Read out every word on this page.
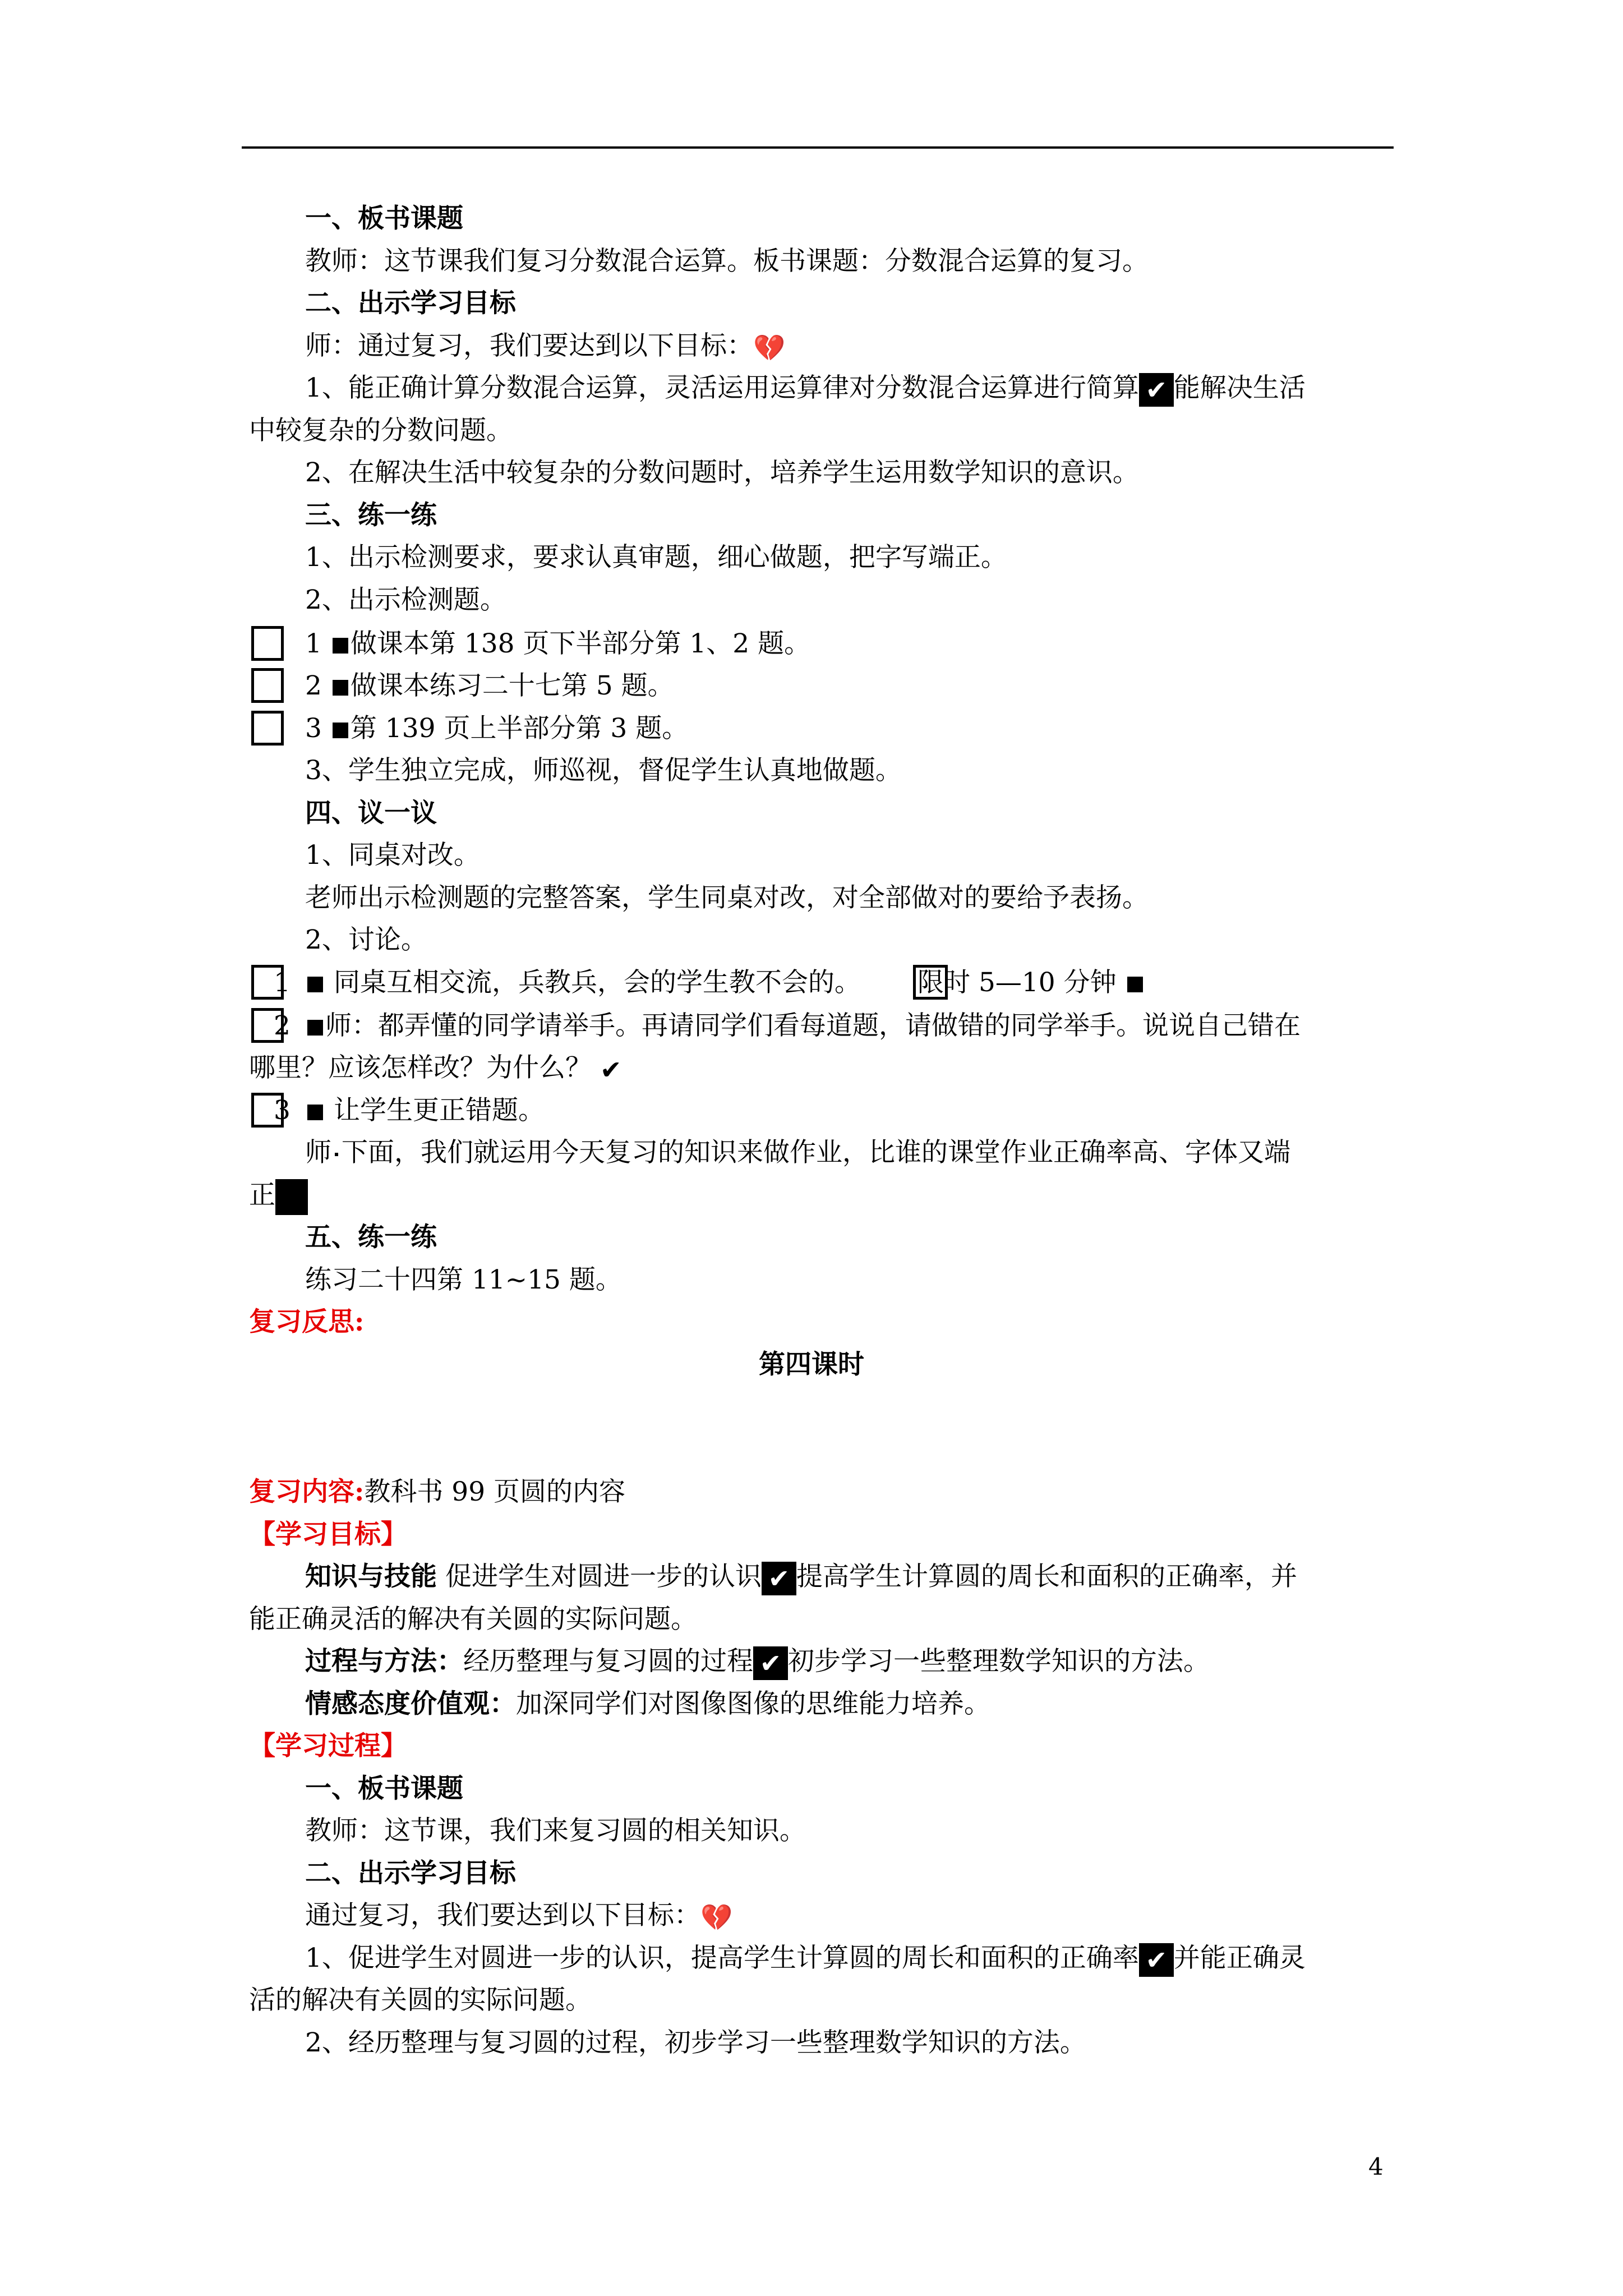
一、板书课题
教师：这节课我们复习分数混合运算。板书课题：分数混合运算的复习。
二、出示学习目标
师：通过复习，我们要达到以下目标：💔
1、能正确计算分数混合运算，灵活运用运算律对分数混合运算进行简算 ✔ 能解决生活
中较复杂的分数问题。
2、在解决生活中较复杂的分数问题时，培养学生运用数学知识的意识。
三、练一练
1、出示检测要求，要求认真审题，细心做题，把字写端正。
2、出示检测题。
1 做课本第 138 页下半部分第 1、2 题。
2 做课本练习二十七第 5 题。
3 第 139 页上半部分第 3 题。
3、学生独立完成，师巡视，督促学生认真地做题。
四、议一议
1、同桌对改。
老师出示检测题的完整答案，学生同桌对改，对全部做对的要给予表扬。
2、讨论。
1	同桌互相交流，兵教兵，会的学生教不会的。 限时 5—10 分钟
2	师：都弄懂的同学请举手。再请同学们看每道题，请做错的同学举手。说说自己错在
哪里？应该怎样改？为什么？ ✔
3	让学生更正错题。
师 下面，我们就运用今天复习的知识来做作业，比谁的课堂作业正确率高、字体又端
正
五、练一练
练习二十四第 11~15 题。
复习反思:
第四课时
复习内容:教科书 99 页圆的内容
【学习目标】
知识与技能 促进学生对圆进一步的认识 ✔ 提高学生计算圆的周长和面积的正确率，并
能正确灵活的解决有关圆的实际问题。
过程与方法：经历整理与复习圆的过程 ✔ 初步学习一些整理数学知识的方法。
情感态度价值观：加深同学们对图像图像的思维能力培养。
【学习过程】
一、板书课题
教师：这节课，我们来复习圆的相关知识。
二、出示学习目标
通过复习，我们要达到以下目标：💔
1、促进学生对圆进一步的认识，提高学生计算圆的周长和面积的正确率 ✔ 并能正确灵
活的解决有关圆的实际问题。
2、经历整理与复习圆的过程，初步学习一些整理数学知识的方法。
4
